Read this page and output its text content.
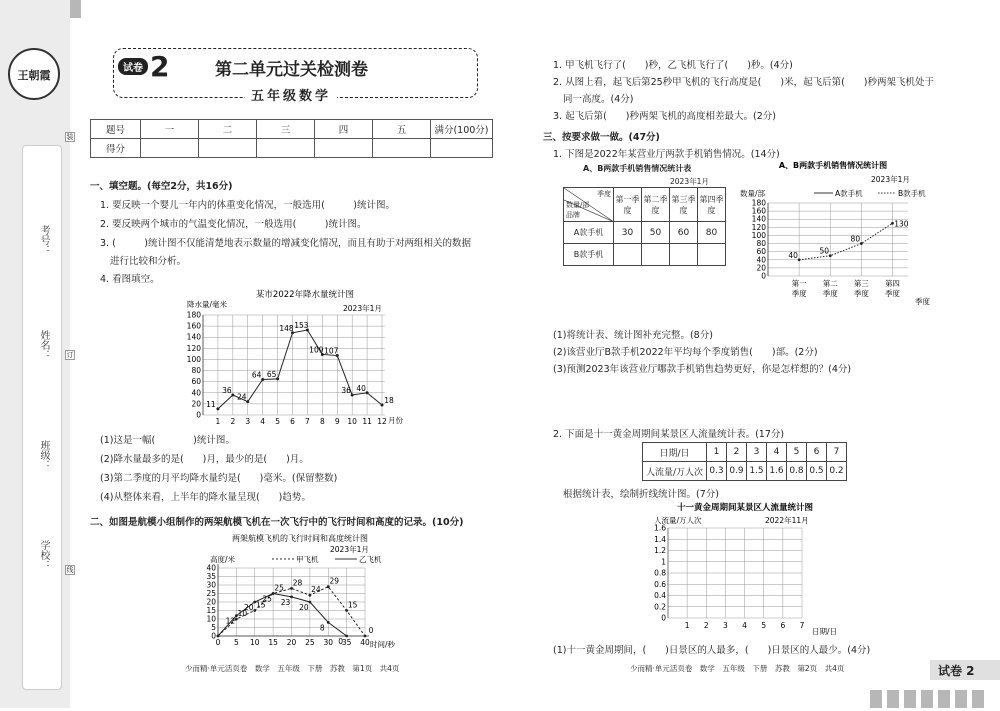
王朝霞
考号：
姓名：
班级：
学校：
装
订
线
试卷 2	第二单元过关检测卷
五年级数学
题号	一	二	三	四	五	满分(100分)
得分						
一、填空题。(每空2分，共16分)
1. 要反映一个婴儿一年内的体重变化情况，一般选用(　　　)统计图。
2. 要反映两个城市的气温变化情况，一般选用(　　　)统计图。
3. (　　　)统计图不仅能清楚地表示数量的增减变化情况，而且有助于对两组相关的数据
进行比较和分析。
4. 看图填空。
某市2022年降水量统计图
降水量/毫米	2023年1月
0
20
40
60
80
100
120
140
160
180
1 2 3 4 5 6 7 8 9 10 11 12
11
36
24
64 65
148 153
109 107
36 40
18
月份
(1)这是一幅(　　　　)统计图。
(2)降水量最多的是(　　)月，最少的是(　　)月。
(3)第二季度的月平均降水量约是(　　)毫米。(保留整数)
(4)从整体来看，上半年的降水量呈现(　　)趋势。
二、如图是航模小组制作的两架航模飞机在一次飞行中的飞行时间和高度的记录。(10分)
两架航模飞机的飞行时间和高度统计图
2023年1月
高度/米	甲飞机	乙飞机
0
5
10
15
20
25
30
35
40
0 5 10 15 20 25 30 35 40
10
15
25
28
24
29
15
0
12
20
25 23
20
8
0	时间/秒
少而精·单元活页卷　数学　五年级　下册　苏教　第1页　共4页
1. 甲飞机飞行了(　　)秒，乙飞机飞行了(　　)秒。(4分)
2. 从图上看，起飞后第25秒甲飞机的飞行高度是(　　)米，起飞后第(　　)秒两架飞机处于
同一高度。(4分)
3. 起飞后第(　　)秒两架飞机的高度相差最大。(2分)
三、按要求做一做。(47分)
1. 下图是2022年某营业厅两款手机销售情况。(14分)
A、B两款手机销售情况统计表
2023年1月
季度
数量/部
品牌	第一季度	第二季度	第三季度	第四季度
A款手机	30	50	60	80
B款手机				
A、B两款手机销售情况统计图
2023年1月
数量/部	A款手机	B款手机
0
20
40
60
80
100
120
140
160
180
第一
季度
第二
季度
第三
季度
第四
季度
40	50
80
130
季度
(1)将统计表、统计图补充完整。(8分)
(2)该营业厅B款手机2022年平均每个季度销售(　　)部。(2分)
(3)预测2023年该营业厅哪款手机销售趋势更好，你是怎样想的？(4分)
2. 下面是十一黄金周期间某景区人流量统计表。(17分)
日期/日	1	2	3	4	5	6	7
人流量/万人次	0.3	0.9	1.5	1.6	0.8	0.5	0.2
根据统计表，绘制折线统计图。(7分)
十一黄金周期间某景区人流量统计图
人流量/万人次	2022年11月
0
0.2
0.4
0.6
0.8
1
1.2
1.4
1.6
1 2 3 4 5 6 7
日期/日
(1)十一黄金周期间，(　　)日景区的人最多，(　　)日景区的人最少。(4分)
少而精·单元活页卷　数学　五年级　下册　苏教　第2页　共4页	试卷 2
